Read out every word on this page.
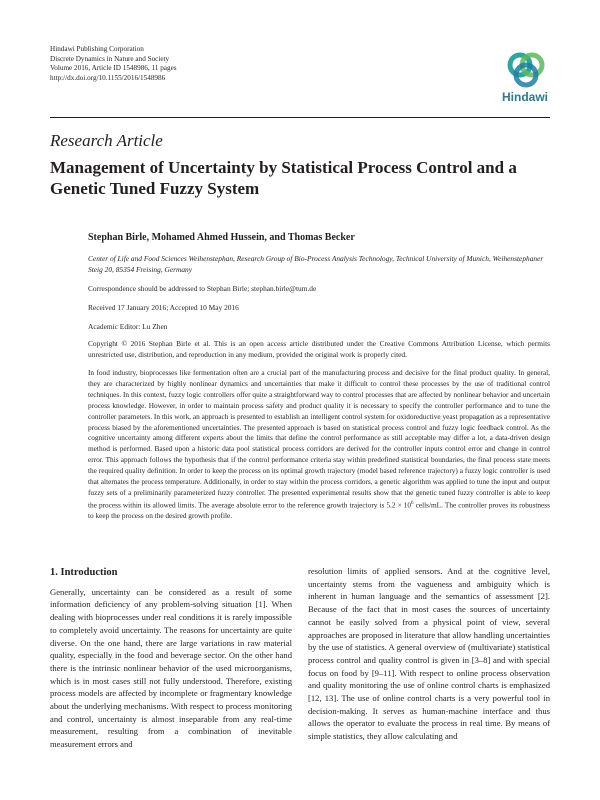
Hindawi Publishing Corporation
Discrete Dynamics in Nature and Society
Volume 2016, Article ID 1548986, 11 pages
http://dx.doi.org/10.1155/2016/1548986
Hindawi
Research Article
Management of Uncertainty by Statistical Process Control and a Genetic Tuned Fuzzy System
Stephan Birle, Mohamed Ahmed Hussein, and Thomas Becker
Center of Life and Food Sciences Weihenstephan, Research Group of Bio-Process Analysis Technology, Technical University of Munich, Weihenstephaner Steig 20, 85354 Freising, Germany
Correspondence should be addressed to Stephan Birle; stephan.birle@tum.de
Received 17 January 2016; Accepted 10 May 2016
Academic Editor: Lu Zhen
Copyright © 2016 Stephan Birle et al. This is an open access article distributed under the Creative Commons Attribution License, which permits unrestricted use, distribution, and reproduction in any medium, provided the original work is properly cited.
In food industry, bioprocesses like fermentation often are a crucial part of the manufacturing process and decisive for the final product quality. In general, they are characterized by highly nonlinear dynamics and uncertainties that make it difficult to control these processes by the use of traditional control techniques. In this context, fuzzy logic controllers offer quite a straightforward way to control processes that are affected by nonlinear behavior and uncertain process knowledge. However, in order to maintain process safety and product quality it is necessary to specify the controller performance and to tune the controller parameters. In this work, an approach is presented to establish an intelligent control system for oxidoreductive yeast propagation as a representative process biased by the aforementioned uncertainties. The presented approach is based on statistical process control and fuzzy logic feedback control. As the cognitive uncertainty among different experts about the limits that define the control performance as still acceptable may differ a lot, a data-driven design method is performed. Based upon a historic data pool statistical process corridors are derived for the controller inputs control error and change in control error. This approach follows the hypothesis that if the control performance criteria stay within predefined statistical boundaries, the final process state meets the required quality definition. In order to keep the process on its optimal growth trajectory (model based reference trajectory) a fuzzy logic controller is used that alternates the process temperature. Additionally, in order to stay within the process corridors, a genetic algorithm was applied to tune the input and output fuzzy sets of a preliminarily parameterized fuzzy controller. The presented experimental results show that the genetic tuned fuzzy controller is able to keep the process within its allowed limits. The average absolute error to the reference growth trajectory is $5.2 \times 10^6$ cells/mL. The controller proves its robustness to keep the process on the desired growth profile.
1. Introduction
Generally, uncertainty can be considered as a result of some information deficiency of any problem-solving situation [1]. When dealing with bioprocesses under real conditions it is rarely impossible to completely avoid uncertainty. The reasons for uncertainty are quite diverse. On the one hand, there are large variations in raw material quality, especially in the food and beverage sector. On the other hand there is the intrinsic nonlinear behavior of the used microorganisms, which is in most cases still not fully understood. Therefore, existing process models are affected by incomplete or fragmentary knowledge about the underlying mechanisms. With respect to process monitoring and control, uncertainty is almost inseparable from any real-time measurement, resulting from a combination of inevitable measurement errors and
resolution limits of applied sensors. And at the cognitive level, uncertainty stems from the vagueness and ambiguity which is inherent in human language and the semantics of assessment [2]. Because of the fact that in most cases the sources of uncertainty cannot be easily solved from a physical point of view, several approaches are proposed in literature that allow handling uncertainties by the use of statistics. A general overview of (multivariate) statistical process control and quality control is given in [3–8] and with special focus on food by [9–11]. With respect to online process observation and quality monitoring the use of online control charts is emphasized [12, 13]. The use of online control charts is a very powerful tool in decision-making. It serves as human-machine interface and thus allows the operator to evaluate the process in real time. By means of simple statistics, they allow calculating and
